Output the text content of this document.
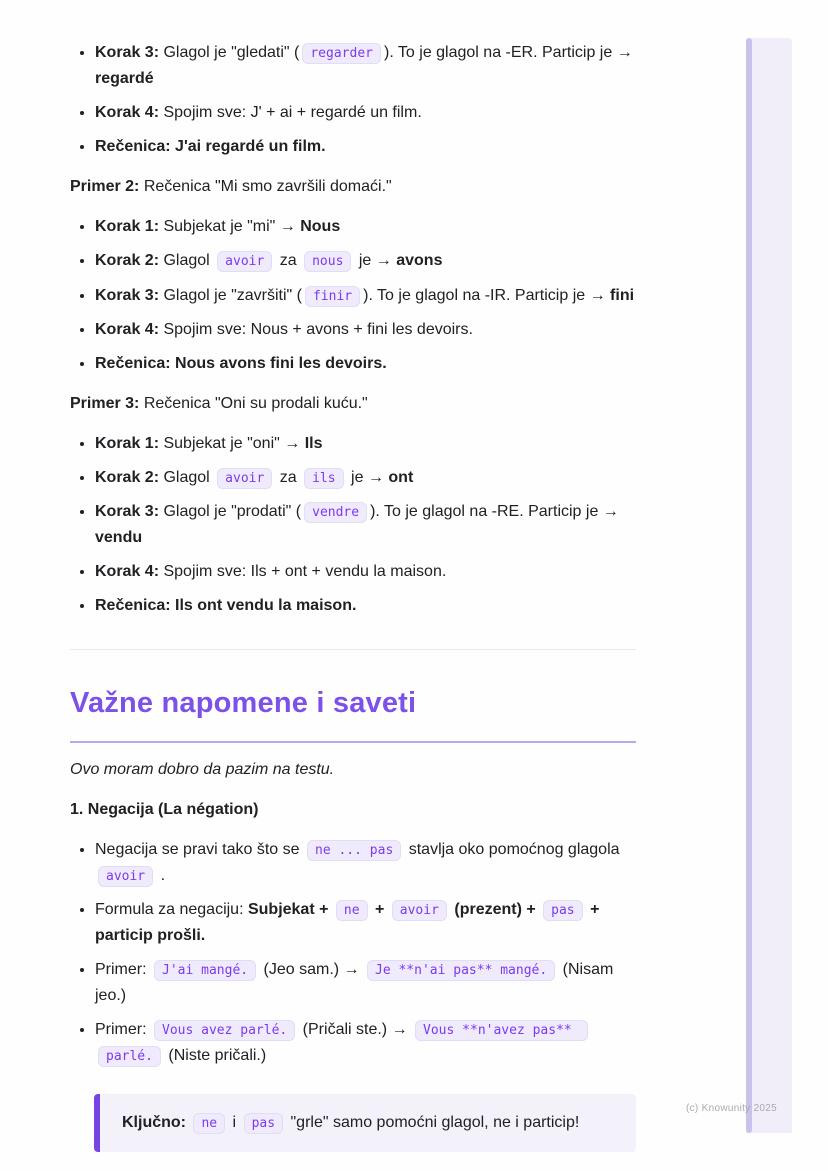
• Korak 3: Glagol je "gledati" ( regarder ). To je glagol na -ER. Particip je → regardé
• Korak 4: Spojim sve: J' + ai + regardé un film.
• Rečenica: J'ai regardé un film.

Primer 2: Rečenica "Mi smo završili domaći."

• Korak 1: Subjekat je "mi" → Nous
• Korak 2: Glagol avoir za nous je → avons
• Korak 3: Glagol je "završiti" ( finir ). To je glagol na -IR. Particip je → fini
• Korak 4: Spojim sve: Nous + avons + fini les devoirs.
• Rečenica: Nous avons fini les devoirs.

Primer 3: Rečenica "Oni su prodali kuću."

• Korak 1: Subjekat je "oni" → Ils
• Korak 2: Glagol avoir za ils je → ont
• Korak 3: Glagol je "prodati" ( vendre ). To je glagol na -RE. Particip je → vendu
• Korak 4: Spojim sve: Ils + ont + vendu la maison.
• Rečenica: Ils ont vendu la maison.
Važne napomene i saveti

Ovo moram dobro da pazim na testu.

1. Negacija (La négation)

• Negacija se pravi tako što se ne ... pas stavlja oko pomoćnog glagola avoir .
• Formula za negaciju: Subjekat + ne + avoir (prezent) + pas + particip prošli.
• Primer: J'ai mangé. (Jeo sam.) → Je **n'ai pas** mangé. (Nisam jeo.)
• Primer: Vous avez parlé. (Pričali ste.) → Vous **n'avez pas** parlé. (Niste pričali.)
Ključno: ne i pas "grle" samo pomoćni glagol, ne i particip!
(c) Knowunity 2025
